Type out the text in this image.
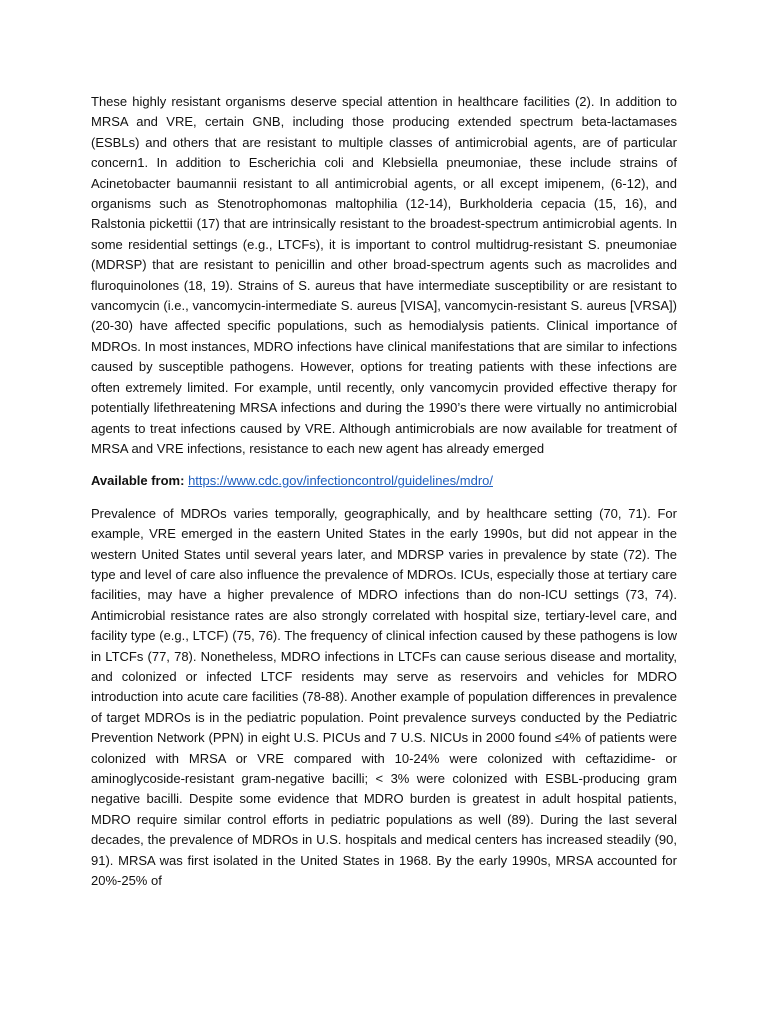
These highly resistant organisms deserve special attention in healthcare facilities (2). In addition to MRSA and VRE, certain GNB, including those producing extended spectrum beta-lactamases (ESBLs) and others that are resistant to multiple classes of antimicrobial agents, are of particular concern1. In addition to Escherichia coli and Klebsiella pneumoniae, these include strains of Acinetobacter baumannii resistant to all antimicrobial agents, or all except imipenem, (6-12), and organisms such as Stenotrophomonas maltophilia (12-14), Burkholderia cepacia (15, 16), and Ralstonia pickettii (17) that are intrinsically resistant to the broadest-spectrum antimicrobial agents. In some residential settings (e.g., LTCFs), it is important to control multidrug-resistant S. pneumoniae (MDRSP) that are resistant to penicillin and other broad-spectrum agents such as macrolides and fluroquinolones (18, 19). Strains of S. aureus that have intermediate susceptibility or are resistant to vancomycin (i.e., vancomycin-intermediate S. aureus [VISA], vancomycin-resistant S. aureus [VRSA]) (20-30) have affected specific populations, such as hemodialysis patients. Clinical importance of MDROs. In most instances, MDRO infections have clinical manifestations that are similar to infections caused by susceptible pathogens. However, options for treating patients with these infections are often extremely limited. For example, until recently, only vancomycin provided effective therapy for potentially lifethreatening MRSA infections and during the 1990’s there were virtually no antimicrobial agents to treat infections caused by VRE. Although antimicrobials are now available for treatment of MRSA and VRE infections, resistance to each new agent has already emerged

Available from: https://www.cdc.gov/infectioncontrol/guidelines/mdro/

Prevalence of MDROs varies temporally, geographically, and by healthcare setting (70, 71). For example, VRE emerged in the eastern United States in the early 1990s, but did not appear in the western United States until several years later, and MDRSP varies in prevalence by state (72). The type and level of care also influence the prevalence of MDROs. ICUs, especially those at tertiary care facilities, may have a higher prevalence of MDRO infections than do non-ICU settings (73, 74). Antimicrobial resistance rates are also strongly correlated with hospital size, tertiary-level care, and facility type (e.g., LTCF) (75, 76). The frequency of clinical infection caused by these pathogens is low in LTCFs (77, 78). Nonetheless, MDRO infections in LTCFs can cause serious disease and mortality, and colonized or infected LTCF residents may serve as reservoirs and vehicles for MDRO introduction into acute care facilities (78-88). Another example of population differences in prevalence of target MDROs is in the pediatric population. Point prevalence surveys conducted by the Pediatric Prevention Network (PPN) in eight U.S. PICUs and 7 U.S. NICUs in 2000 found ≤4% of patients were colonized with MRSA or VRE compared with 10-24% were colonized with ceftazidime- or aminoglycoside-resistant gram-negative bacilli; < 3% were colonized with ESBL-producing gram negative bacilli. Despite some evidence that MDRO burden is greatest in adult hospital patients, MDRO require similar control efforts in pediatric populations as well (89). During the last several decades, the prevalence of MDROs in U.S. hospitals and medical centers has increased steadily (90, 91). MRSA was first isolated in the United States in 1968. By the early 1990s, MRSA accounted for 20%-25% of
